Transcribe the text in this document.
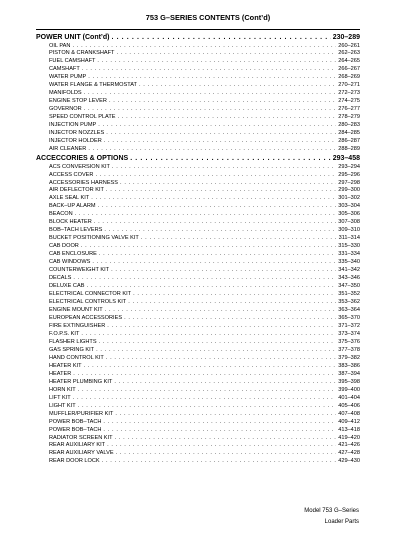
753 G–SERIES CONTENTS (Cont’d)
POWER UNIT (Cont’d) . . .	230–289
OIL PAN . . .	260–261
PISTON & CRANKSHAFT . . .	262–263
FUEL CAMSHAFT . . .	264–265
CAMSHAFT . . .	266–267
WATER PUMP . . .	268–269
WATER FLANGE & THERMOSTAT . . .	270–271
MANIFOLDS . . .	272–273
ENGINE STOP LEVER . . .	274–275
GOVERNOR . . .	276–277
SPEED CONTROL PLATE . . .	278–279
INJECTION PUMP . . .	280–283
INJECTOR NOZZLES . . .	284–285
INJECTOR HOLDER . . .	286–287
AIR CLEANER . . .	288–289
ACCECCORIES & OPTIONS . . .	293–458
ACS CONVERSION KIT . . .	293–294
ACCESS COVER . . .	295–296
ACCESSORIES HARNESS . . .	297–298
AIR DEFLECTOR KIT . . .	299–300
AXLE SEAL KIT . . .	301–302
BACK–UP ALARM . . .	303–304
BEACON . . .	305–306
BLOCK HEATER . . .	307–308
BOB–TACH LEVERS . . .	309–310
BUCKET POSITIONING VALVE KIT . . .	311–314
CAB DOOR . . .	315–330
CAB ENCLOSURE . . .	331–334
CAB WINDOWS . . .	335–340
COUNTERWEIGHT KIT . . .	341–342
DECALS . . .	343–346
DELUXE CAB . . .	347–350
ELECTRICAL CONNECTOR KIT . . .	351–352
ELECTRICAL CONTROLS KIT . . .	353–362
ENGINE MOUNT KIT . . .	363–364
EUROPEAN ACCESSORIES . . .	365–370
FIRE EXTINGUISHER . . .	371–372
F.O.P.S. KIT . . .	373–374
FLASHER LIGHTS . . .	375–376
GAS SPRING KIT . . .	377–378
HAND CONTROL KIT . . .	379–382
HEATER KIT . . .	383–386
HEATER . . .	387–394
HEATER PLUMBING KIT . . .	395–398
HORN KIT . . .	399–400
LIFT KIT . . .	401–404
LIGHT KIT . . .	405–406
MUFFLER/PURIFIER KIT . . .	407–408
POWER BOB–TACH . . .	409–412
POWER BOB–TACH . . .	413–418
RADIATOR SCREEN KIT . . .	419–420
REAR AUXILIARY KIT . . .	421–426
REAR AUXILIARY VALVE . . .	427–428
REAR DOOR LOCK . . .	429–430
Model 753 G–Series
Loader Parts
